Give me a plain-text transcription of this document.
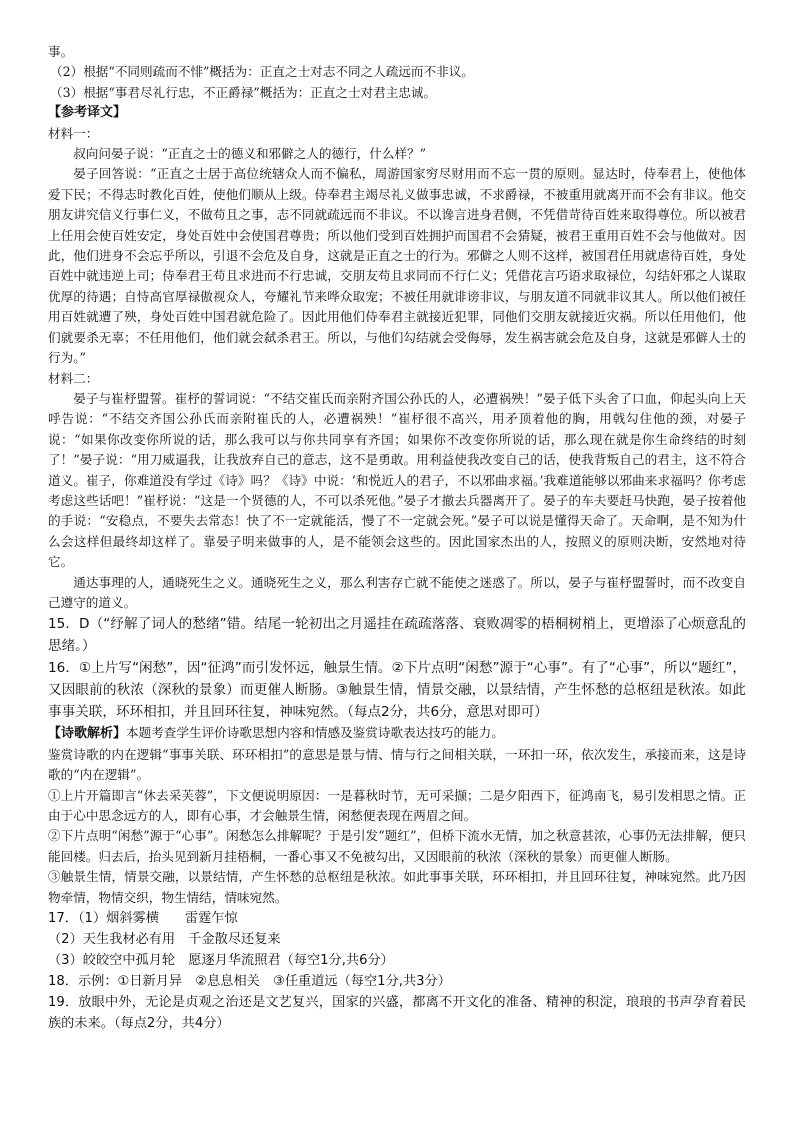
事。

（2）根据“不同则疏而不悱”概括为：正直之士对志不同之人疏远而不非议。

（3）根据“事君尽礼行忠，不正爵禄”概括为：正直之士对君主忠诚。

【参考译文】

材料一：

叔向问晏子说：“正直之士的德义和邪僻之人的德行，什么样？”

晏子回答说：“正直之士居于高位统辖众人而不偏私，周游国家穷尽财用而不忘一贯的原则。显达时，侍奉君上，使他体爱下民；不得志时教化百姓，使他们顺从上级。侍奉君主竭尽礼义做事忠诚，不求爵禄，不被重用就离开而不会有非议。他交朋友讲究信义行事仁义，不做苟且之事，志不同就疏远而不非议。不以谗言进身君侧，不凭借苛待百姓来取得尊位。所以被君上任用会使百姓安定，身处百姓中会使国君尊贵；所以他们受到百姓拥护而国君不会猜疑，被君王重用百姓不会与他做对。因此，他们进身不会忘乎所以，引退不会危及自身，这就是正直之士的行为。邪僻之人则不这样，被国君任用就虐待百姓，身处百姓中就违逆上司；侍奉君王苟且求进而不行忠诚，交朋友苟且求同而不行仁义；凭借花言巧语求取禄位，勾结奸邪之人谋取优厚的待遇；自恃高官厚禄傲视众人，夸耀礼节来哗众取宠；不被任用就诽谤非议，与朋友道不同就非议其人。所以他们被任用百姓就遭了殃，身处百姓中国君就危险了。因此用他们侍奉君主就接近犯罪，同他们交朋友就接近灾祸。所以任用他们，他们就要杀无辜；不任用他们，他们就会弑杀君王。所以，与他们勾结就会受侮辱，发生祸害就会危及自身，这就是邪僻人士的行为。”

材料二：

晏子与崔杼盟誓。崔杼的誓词说：“不结交崔氏而亲附齐国公孙氏的人，必遭祸殃！”晏子低下头舍了口血，仰起头向上天呼告说：“不结交齐国公孙氏而亲附崔氏的人，必遭祸殃！”崔杼很不高兴，用矛顶着他的胸，用戟勾住他的颈，对晏子说：“如果你改变你所说的话，那么我可以与你共同享有齐国；如果你不改变你所说的话，那么现在就是你生命终结的时刻了！”晏子说：“用刀威逼我，让我放弃自己的意志，这不是勇敢。用利益使我改变自己的话，使我背叛自己的君主，这不符合道义。崔子，你难道没有学过《诗》吗？《诗》中说：‘和悦近人的君子，不以邪曲求福。’我难道能够以邪曲来求福吗？你考虑考虑这些话吧！”崔杼说：“这是一个贤德的人，不可以杀死他。”晏子才撤去兵器离开了。晏子的车夫要赶马快跑，晏子按着他的手说：“安稳点，不要失去常态！快了不一定就能活，慢了不一定就会死。”晏子可以说是懂得天命了。天命啊，是不知为什么会这样但最终却这样了。靠晏子明来做事的人，是不能领会这些的。因此国家杰出的人，按照义的原则决断，安然地对待它。

通达事理的人，通晓死生之义。通晓死生之义，那么利害存亡就不能使之迷惑了。所以，晏子与崔杼盟誓时，而不改变自己遵守的道义。

15．D（“纾解了词人的愁绪”错。结尾一轮初出之月遥挂在疏疏落落、衰败凋零的梧桐树梢上，更增添了心烦意乱的思绪。）

16．①上片写“闲愁”，因“征鸿”而引发怀远，触景生情。②下片点明“闲愁”源于“心事”。有了“心事”，所以“题红”，又因眼前的秋浓（深秋的景象）而更催人断肠。③触景生情，情景交融，以景结情，产生怀愁的总枢纽是秋浓。如此事事关联，环环相扣，并且回环往复，神味宛然。（每点2分，共6分，意思对即可）

【诗歌解析】本题考查学生评价诗歌思想内容和情感及鉴赏诗歌表达技巧的能力。

鉴赏诗歌的内在逻辑“事事关联、环环相扣”的意思是景与情、情与行之间相关联，一环扣一环，依次发生，承接而来，这是诗歌的“内在逻辑”。

①上片开篇即言“休去采芙蓉”，下文便说明原因：一是暮秋时节，无可采撷；二是夕阳西下，征鸿南飞，易引发相思之情。正由于心中思念远方的人，即有心事，才会触景生情，闲愁便表现在两眉之间。

②下片点明“闲愁”源于“心事”。闲愁怎么排解呢？于是引发“题红”，但桥下流水无情，加之秋意甚浓，心事仍无法排解，便只能回楼。归去后，抬头见到新月挂梧桐，一番心事又不免被勾出，又因眼前的秋浓（深秋的景象）而更催人断肠。

③触景生情，情景交融，以景结情，产生怀愁的总枢纽是秋浓。如此事事关联，环环相扣，并且回环往复，神味宛然。此乃因物牵情，物情交织，物生情结，情味宛然。

17．（1）烟斜雾横 雷霆乍惊

（2）天生我材必有用　千金散尽还复来

（3）皎皎空中孤月轮　愿逐月华流照君（每空1分,共6分）

18．示例：①日新月异　②息息相关　③任重道远（每空1分,共3分）

19．放眼中外，无论是贞观之治还是文艺复兴，国家的兴盛，都离不开文化的准备、精神的积淀，琅琅的书声孕育着民族的未来。（每点2分，共4分）
